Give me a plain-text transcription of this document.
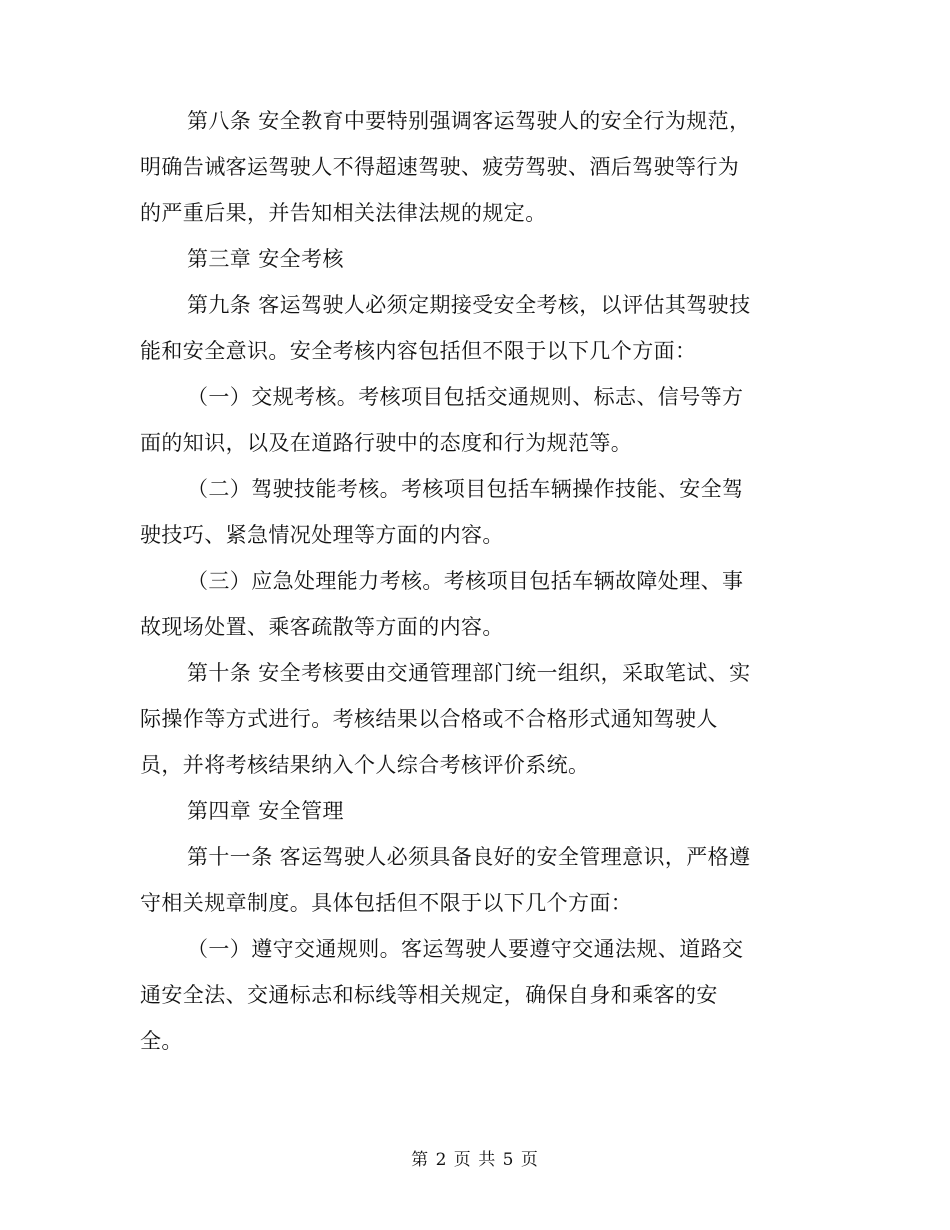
第八条 安全教育中要特别强调客运驾驶人的安全行为规范，
明确告诫客运驾驶人不得超速驾驶、疲劳驾驶、酒后驾驶等行为
的严重后果，并告知相关法律法规的规定。
第三章 安全考核
第九条 客运驾驶人必须定期接受安全考核，以评估其驾驶技
能和安全意识。安全考核内容包括但不限于以下几个方面：
（一）交规考核。考核项目包括交通规则、标志、信号等方
面的知识，以及在道路行驶中的态度和行为规范等。
（二）驾驶技能考核。考核项目包括车辆操作技能、安全驾
驶技巧、紧急情况处理等方面的内容。
（三）应急处理能力考核。考核项目包括车辆故障处理、事
故现场处置、乘客疏散等方面的内容。
第十条 安全考核要由交通管理部门统一组织，采取笔试、实
际操作等方式进行。考核结果以合格或不合格形式通知驾驶人
员，并将考核结果纳入个人综合考核评价系统。
第四章 安全管理
第十一条 客运驾驶人必须具备良好的安全管理意识，严格遵
守相关规章制度。具体包括但不限于以下几个方面：
（一）遵守交通规则。客运驾驶人要遵守交通法规、道路交
通安全法、交通标志和标线等相关规定，确保自身和乘客的安
全。
第 2 页 共 5 页
